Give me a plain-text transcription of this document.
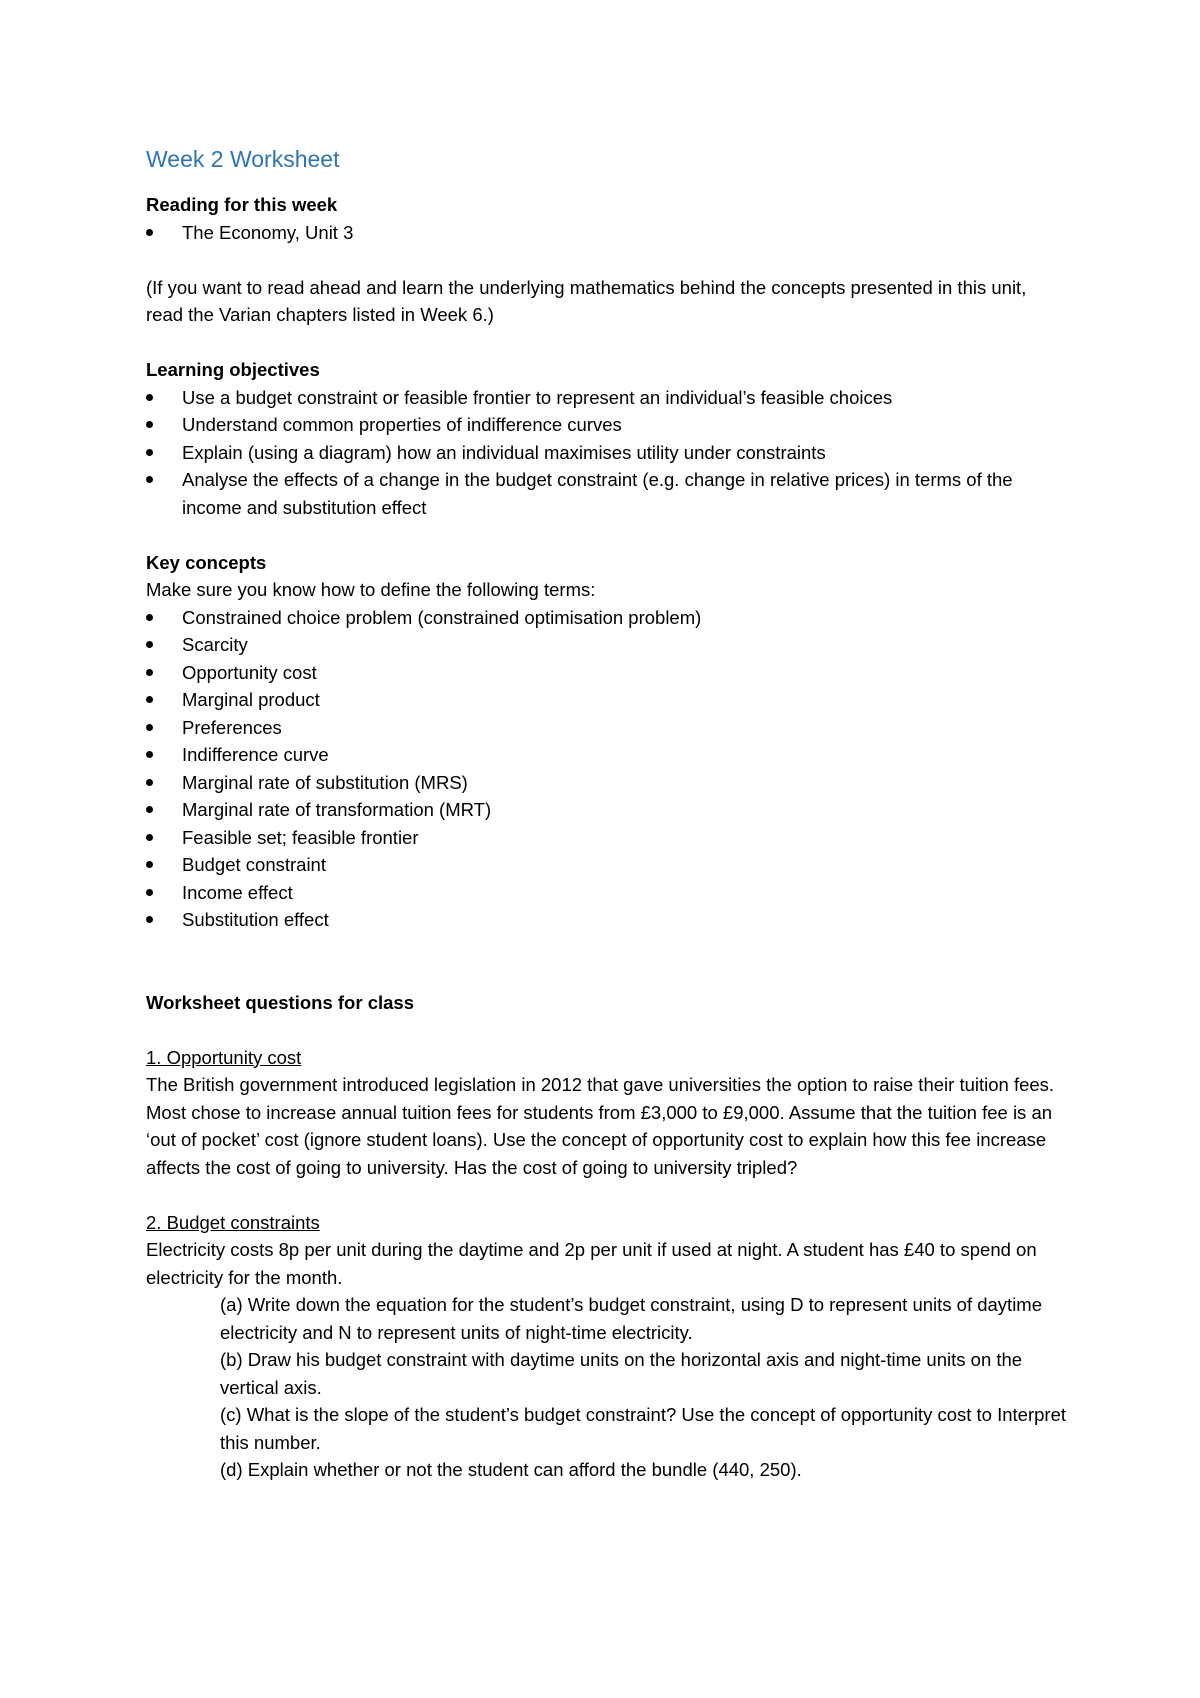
Week 2 Worksheet

Reading for this week

The Economy, Unit 3

(If you want to read ahead and learn the underlying mathematics behind the concepts presented in this unit, read the Varian chapters listed in Week 6.)

Learning objectives

Use a budget constraint or feasible frontier to represent an individual’s feasible choices
Understand common properties of indifference curves
Explain (using a diagram) how an individual maximises utility under constraints
Analyse the effects of a change in the budget constraint (e.g. change in relative prices) in terms of the income and substitution effect

Key concepts

Make sure you know how to define the following terms:

Constrained choice problem (constrained optimisation problem)
Scarcity
Opportunity cost
Marginal product
Preferences
Indifference curve
Marginal rate of substitution (MRS)
Marginal rate of transformation (MRT)
Feasible set; feasible frontier
Budget constraint
Income effect
Substitution effect

Worksheet questions for class

1. Opportunity cost

The British government introduced legislation in 2012 that gave universities the option to raise their tuition fees. Most chose to increase annual tuition fees for students from £3,000 to £9,000. Assume that the tuition fee is an ‘out of pocket’ cost (ignore student loans). Use the concept of opportunity cost to explain how this fee increase affects the cost of going to university. Has the cost of going to university tripled?

2. Budget constraints

Electricity costs 8p per unit during the daytime and 2p per unit if used at night. A student has £40 to spend on electricity for the month.

(a) Write down the equation for the student’s budget constraint, using D to represent units of daytime electricity and N to represent units of night-time electricity.

(b) Draw his budget constraint with daytime units on the horizontal axis and night-time units on the vertical axis.

(c) What is the slope of the student’s budget constraint? Use the concept of opportunity cost to Interpret this number.

(d) Explain whether or not the student can afford the bundle (440, 250).
